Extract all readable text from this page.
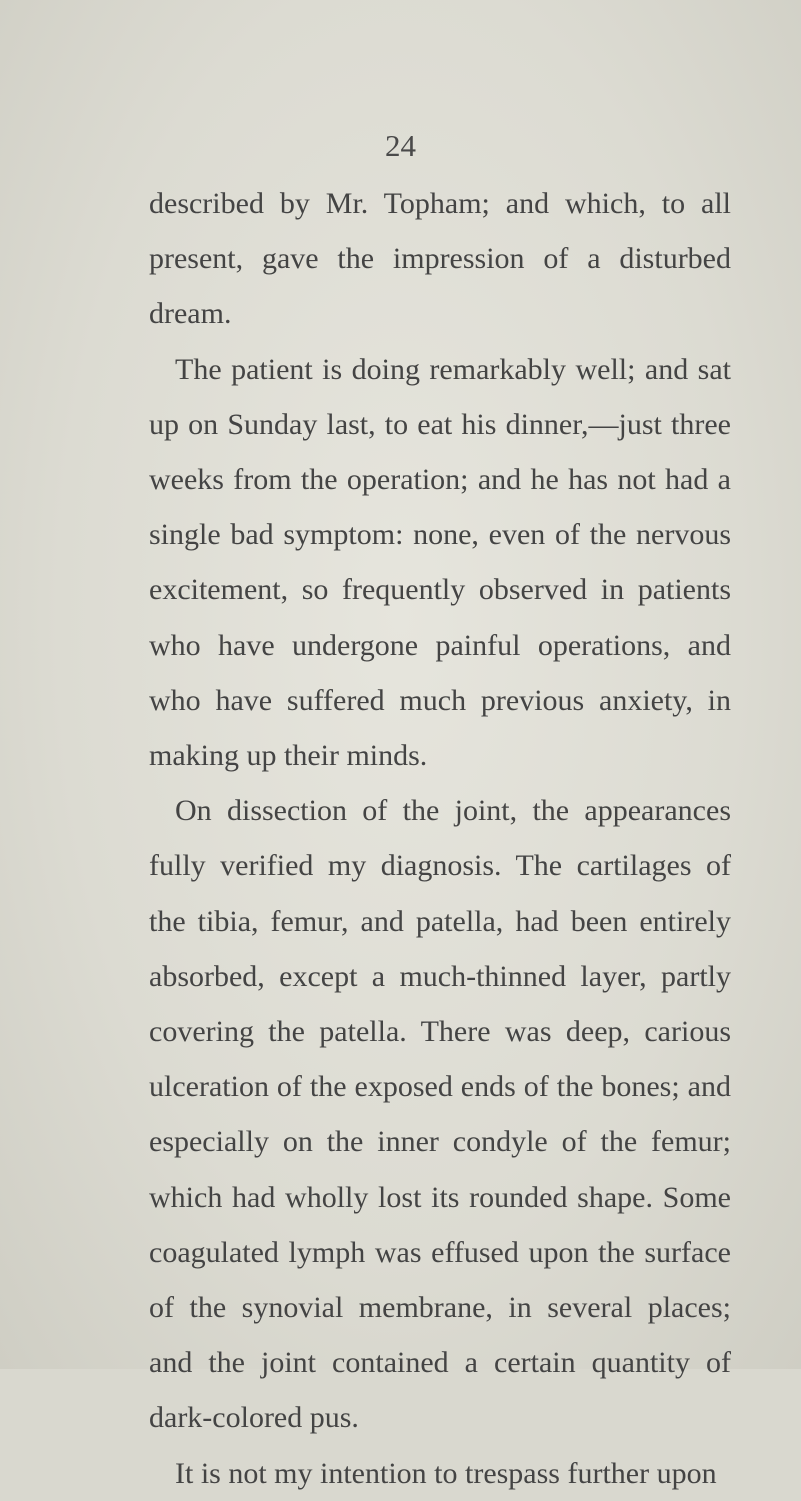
24

described by Mr. Topham; and which, to all present, gave the impression of a disturbed dream.

The patient is doing remarkably well; and sat up on Sunday last, to eat his dinner,—just three weeks from the operation; and he has not had a single bad symptom: none, even of the nervous excitement, so frequently observed in patients who have undergone painful operations, and who have suffered much previous anxiety, in making up their minds.

On dissection of the joint, the appearances fully verified my diagnosis. The cartilages of the tibia, femur, and patella, had been entirely absorbed, except a much-thinned layer, partly covering the patella. There was deep, carious ulceration of the exposed ends of the bones; and especially on the inner condyle of the femur; which had wholly lost its rounded shape. Some coagulated lymph was effused upon the surface of the synovial membrane, in several places; and the joint contained a certain quantity of dark-colored pus.

It is not my intention to trespass further upon
